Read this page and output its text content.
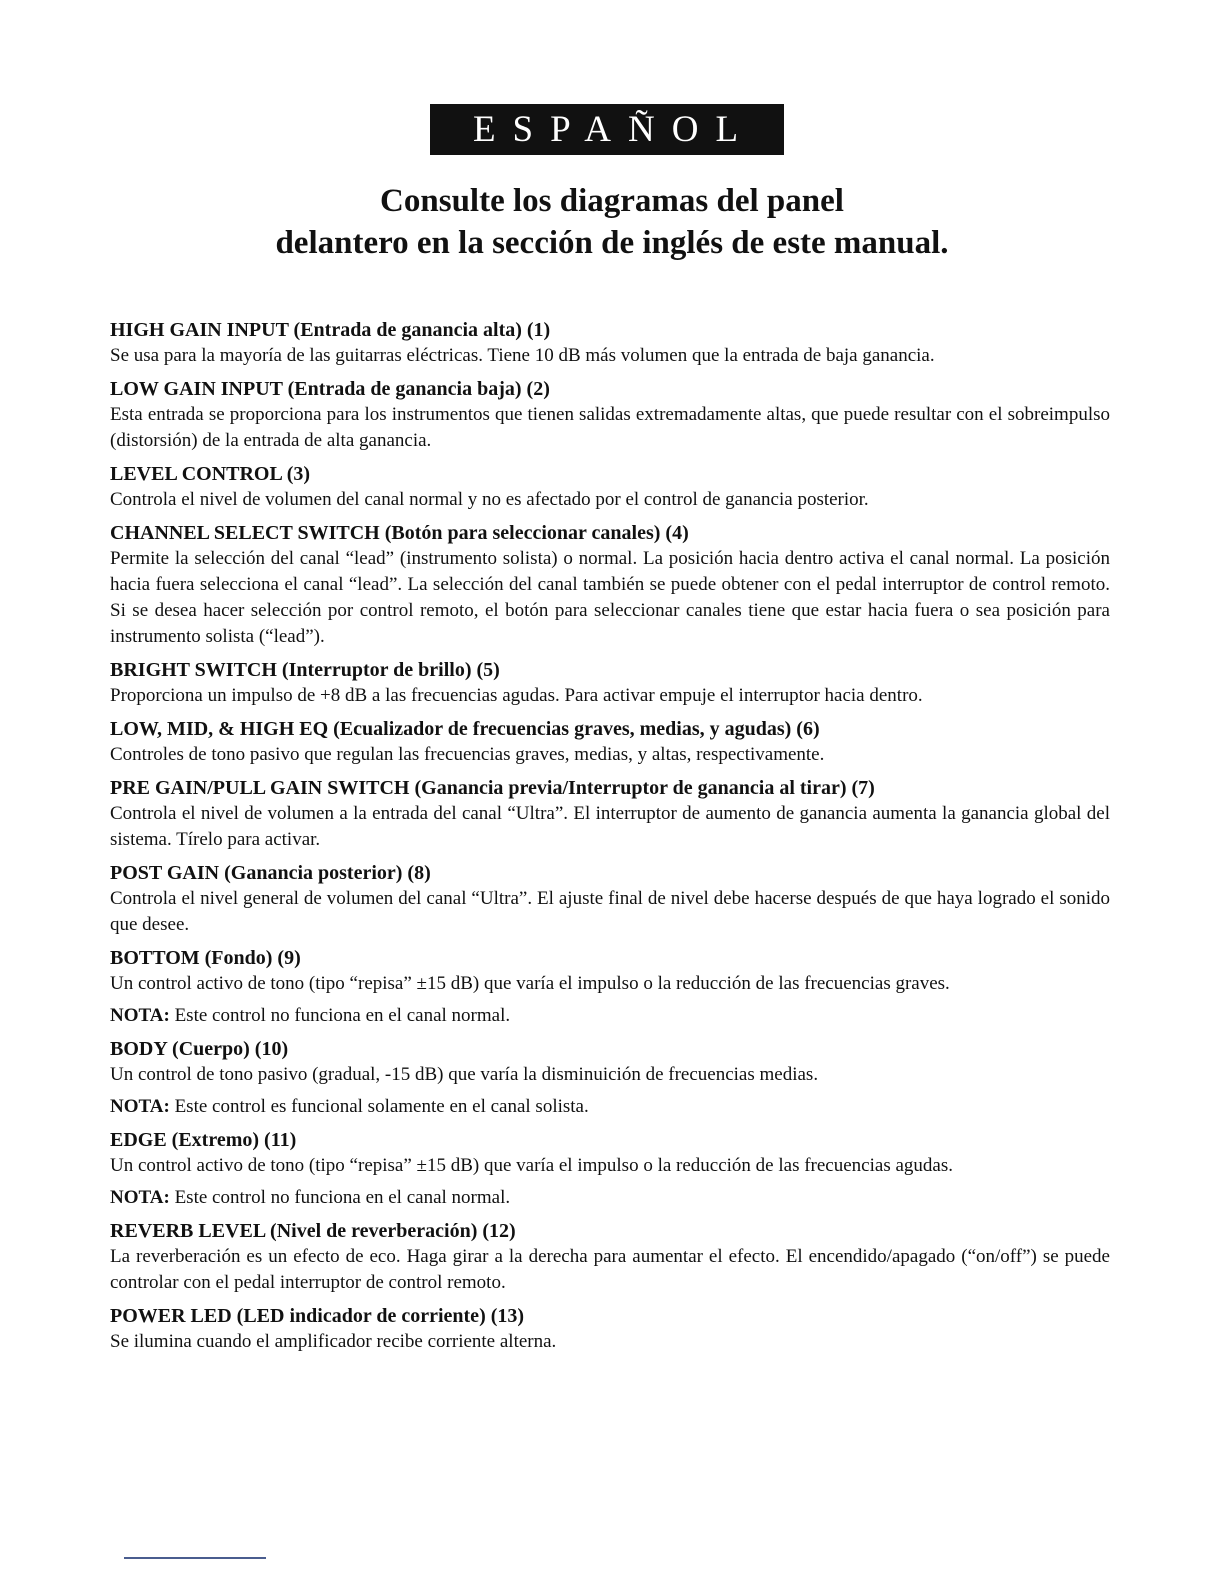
ESPAÑOL
Consulte los diagramas del panel
delantero en la sección de inglés de este manual.
HIGH GAIN INPUT (Entrada de ganancia alta) (1)
Se usa para la mayoría de las guitarras eléctricas. Tiene 10 dB más volumen que la entrada de baja ganancia.
LOW GAIN INPUT (Entrada de ganancia baja) (2)
Esta entrada se proporciona para los instrumentos que tienen salidas extremadamente altas, que puede resultar con el sobreimpulso (distorsión) de la entrada de alta ganancia.
LEVEL CONTROL (3)
Controla el nivel de volumen del canal normal y no es afectado por el control de ganancia posterior.
CHANNEL SELECT SWITCH (Botón para seleccionar canales) (4)
Permite la selección del canal “lead” (instrumento solista) o normal. La posición hacia dentro activa el canal normal. La posición hacia fuera selecciona el canal “lead”. La selección del canal también se puede obtener con el pedal interruptor de control remoto. Si se desea hacer selección por control remoto, el botón para seleccionar canales tiene que estar hacia fuera o sea posición para instrumento solista (“lead”).
BRIGHT SWITCH (Interruptor de brillo) (5)
Proporciona un impulso de +8 dB a las frecuencias agudas. Para activar empuje el interruptor hacia dentro.
LOW, MID, & HIGH EQ (Ecualizador de frecuencias graves, medias, y agudas) (6)
Controles de tono pasivo que regulan las frecuencias graves, medias, y altas, respectivamente.
PRE GAIN/PULL GAIN SWITCH (Ganancia previa/Interruptor de ganancia al tirar) (7)
Controla el nivel de volumen a la entrada del canal “Ultra”. El interruptor de aumento de ganancia aumenta la ganancia global del sistema. Tírelo para activar.
POST GAIN (Ganancia posterior) (8)
Controla el nivel general de volumen del canal “Ultra”. El ajuste final de nivel debe hacerse después de que haya logrado el sonido que desee.
BOTTOM (Fondo) (9)
Un control activo de tono (tipo “repisa” ±15 dB) que varía el impulso o la reducción de las frecuencias graves.
NOTA: Este control no funciona en el canal normal.
BODY (Cuerpo) (10)
Un control de tono pasivo (gradual, -15 dB) que varía la disminuición de frecuencias medias.
NOTA: Este control es funcional solamente en el canal solista.
EDGE (Extremo) (11)
Un control activo de tono (tipo “repisa” ±15 dB) que varía el impulso o la reducción de las frecuencias agudas.
NOTA: Este control no funciona en el canal normal.
REVERB LEVEL (Nivel de reverberación) (12)
La reverberación es un efecto de eco. Haga girar a la derecha para aumentar el efecto. El encendido/apagado (“on/off”) se puede controlar con el pedal interruptor de control remoto.
POWER LED (LED indicador de corriente) (13)
Se ilumina cuando el amplificador recibe corriente alterna.
